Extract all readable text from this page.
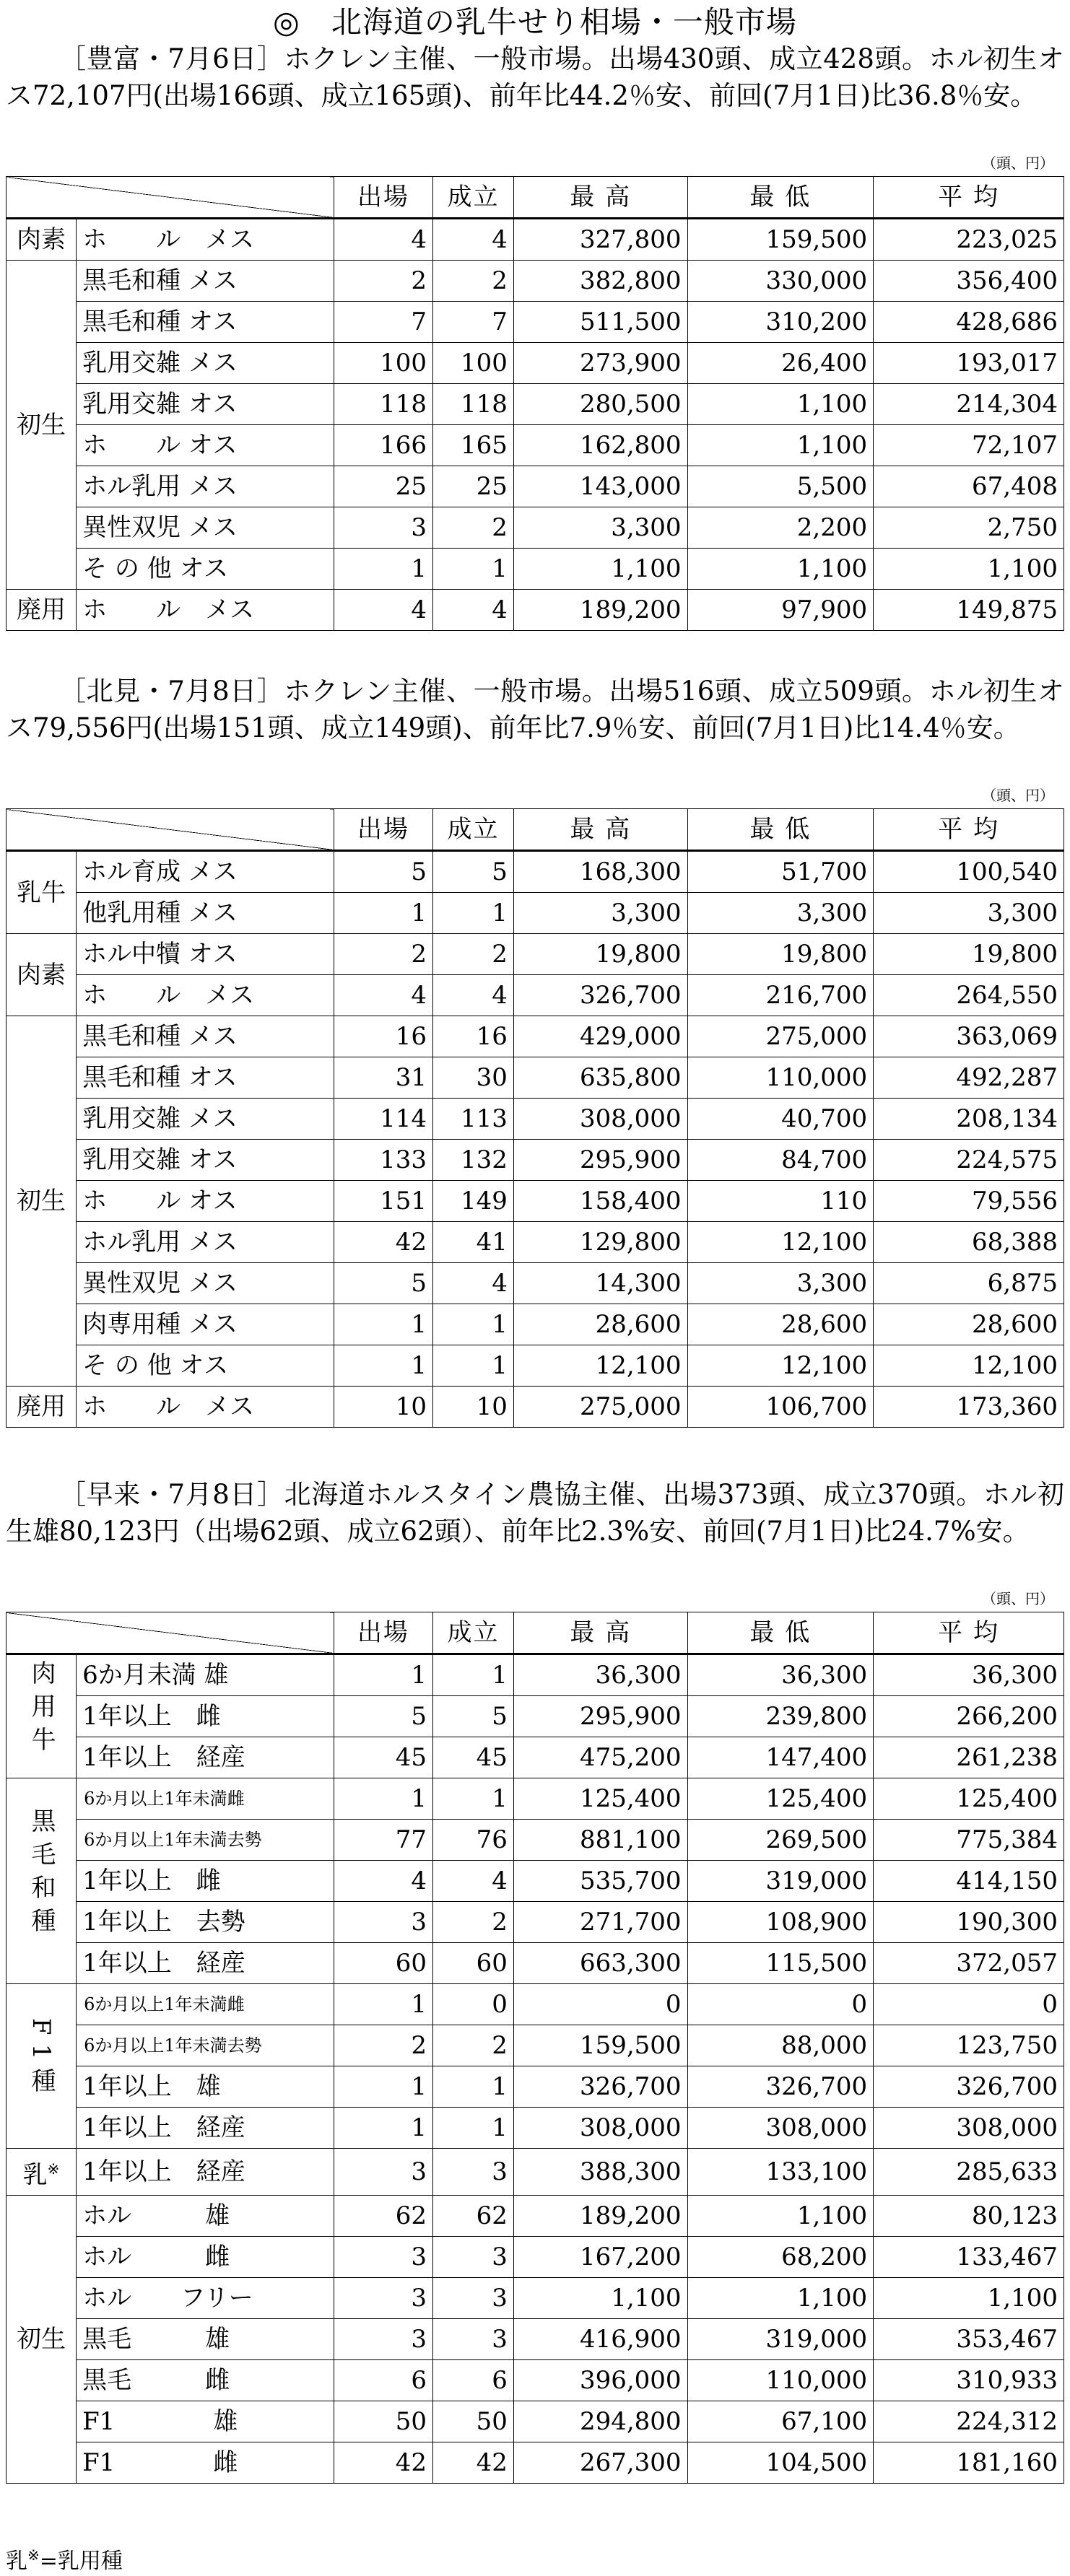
◎　北海道の乳牛せり相場・一般市場

［豊富・7月6日］ホクレン主催、一般市場。出場430頭、成立428頭。ホル初生オス72,107円(出場166頭、成立165頭)、前年比44.2％安、前回(7月1日)比36.8％安。

（頭、円）
		出場	成立	最 高	最 低	平 均
肉素	ホ　　ル　メス	4	4	327,800	159,500	223,025
初生	黒毛和種 メス	2	2	382,800	330,000	356,400
	黒毛和種 オス	7	7	511,500	310,200	428,686
	乳用交雑 メス	100	100	273,900	26,400	193,017
	乳用交雑 オス	118	118	280,500	1,100	214,304
	ホ　　ル オス	166	165	162,800	1,100	72,107
	ホル乳用 メス	25	25	143,000	5,500	67,408
	異性双児 メス	3	2	3,300	2,200	2,750
	そ の 他 オス	1	1	1,100	1,100	1,100
廃用	ホ　　ル　メス	4	4	189,200	97,900	149,875

［北見・7月8日］ホクレン主催、一般市場。出場516頭、成立509頭。ホル初生オス79,556円(出場151頭、成立149頭)、前年比7.9％安、前回(7月1日)比14.4％安。

（頭、円）
		出場	成立	最 高	最 低	平 均
乳牛	ホル育成 メス	5	5	168,300	51,700	100,540
	他乳用種 メス	1	1	3,300	3,300	3,300
肉素	ホル中犢 オス	2	2	19,800	19,800	19,800
	ホ　　ル　メス	4	4	326,700	216,700	264,550
初生	黒毛和種 メス	16	16	429,000	275,000	363,069
	黒毛和種 オス	31	30	635,800	110,000	492,287
	乳用交雑 メス	114	113	308,000	40,700	208,134
	乳用交雑 オス	133	132	295,900	84,700	224,575
	ホ　　ル オス	151	149	158,400	110	79,556
	ホル乳用 メス	42	41	129,800	12,100	68,388
	異性双児 メス	5	4	14,300	3,300	6,875
	肉専用種 メス	1	1	28,600	28,600	28,600
	そ の 他 オス	1	1	12,100	12,100	12,100
廃用	ホ　　ル　メス	10	10	275,000	106,700	173,360

［早来・7月8日］北海道ホルスタイン農協主催、出場373頭、成立370頭。ホル初生雄80,123円（出場62頭、成立62頭）、前年比2.3%安、前回(7月1日)比24.7%安。

（頭、円）
		出場	成立	最 高	最 低	平 均
肉用牛	6か月未満 雄	1	1	36,300	36,300	36,300
	1年以上　雌	5	5	295,900	239,800	266,200
	1年以上　経産	45	45	475,200	147,400	261,238
黒毛和種	6か月以上1年未満雌	1	1	125,400	125,400	125,400
	6か月以上1年未満去勢	77	76	881,100	269,500	775,384
	1年以上　雌	4	4	535,700	319,000	414,150
	1年以上　去勢	3	2	271,700	108,900	190,300
	1年以上　経産	60	60	663,300	115,500	372,057
F1種	6か月以上1年未満雌	1	0	0	0	0
	6か月以上1年未満去勢	2	2	159,500	88,000	123,750
	1年以上　雄	1	1	326,700	326,700	326,700
	1年以上　経産	1	1	308,000	308,000	308,000
乳※	1年以上　経産	3	3	388,300	133,100	285,633
初生	ホル　　　雄	62	62	189,200	1,100	80,123
	ホル　　　雌	3	3	167,200	68,200	133,467
	ホル　　フリー	3	3	1,100	1,100	1,100
	黒毛　　　雄	3	3	416,900	319,000	353,467
	黒毛　　　雌	6	6	396,000	110,000	310,933
	F1　　　　雄	50	50	294,800	67,100	224,312
	F1　　　　雌	42	42	267,300	104,500	181,160
乳※=乳用種
